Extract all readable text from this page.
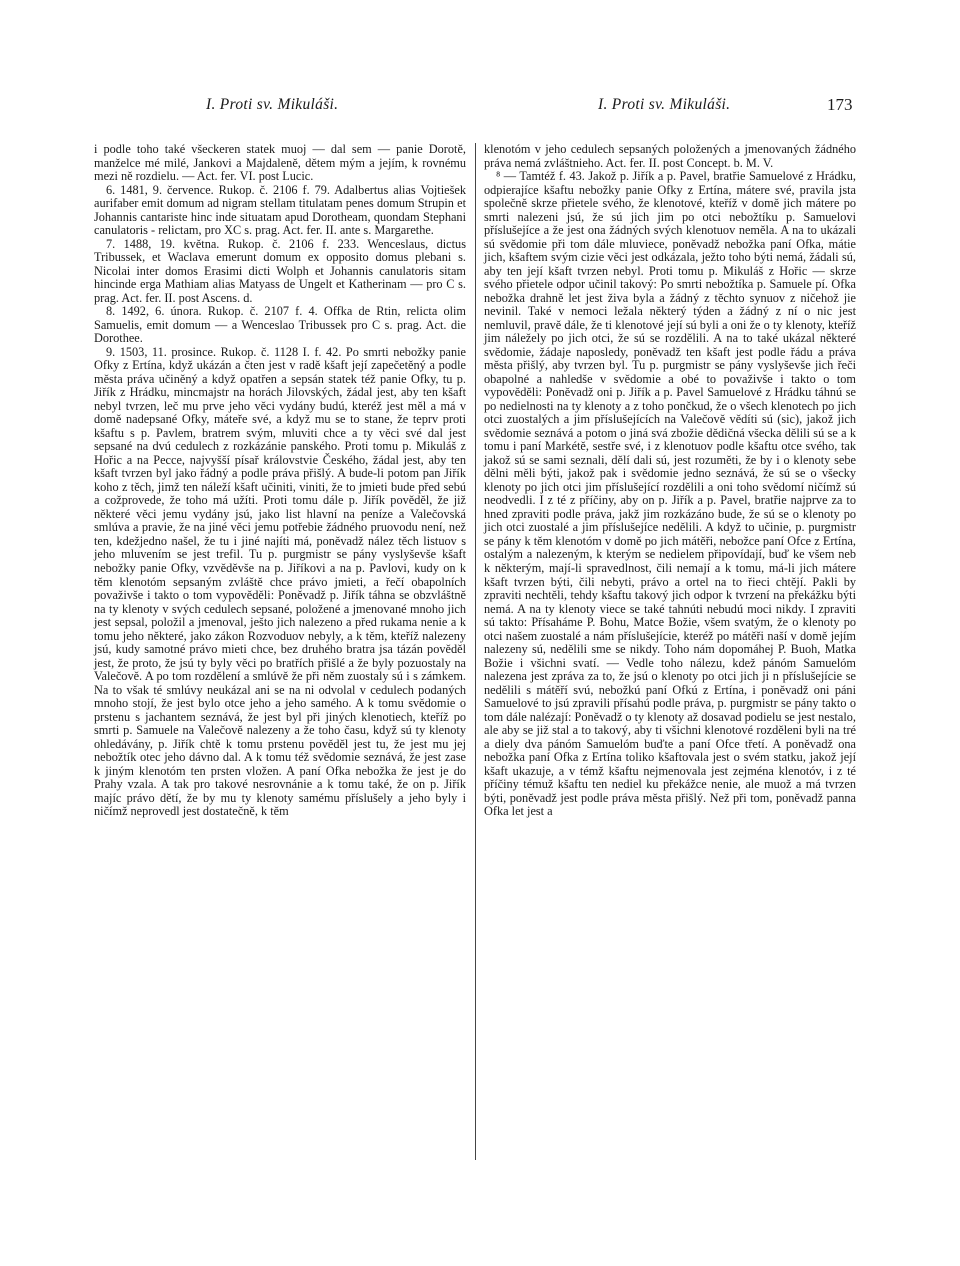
I. Proti sv. Mikuláši.	I. Proti sv. Mikuláši.	173

i podle toho také všeckeren statek muoj — dal sem — panie Dorotě, manželce mé milé, Jankovi a Majdaleně, dětem mým a jejím, k rovnému mezi ně rozdielu. — Act. fer. VI. post Lucic.

6. 1481, 9. července. Rukop. č. 2106 f. 79. Adalbertus alias Vojtiešek aurifaber emit domum ad nigram stellam titulatam penes domum Strupin et Johannis cantariste hinc inde situatam apud Dorotheam, quondam Stephani canulatoris - relictam, pro XC s. prag. Act. fer. II. ante s. Margarethe.

7. 1488, 19. května. Rukop. č. 2106 f. 233. Wenceslaus, dictus Tribussek, et Waclava emerunt domum ex opposito domus plebani s. Nicolai inter domos Erasimi dicti Wolph et Johannis canulatoris sitam hincinde erga Mathiam alias Matyass de Ungelt et Katherinam — pro C s. prag. Act. fer. II. post Ascens. d.

8. 1492, 6. února. Rukop. č. 2107 f. 4. Offka de Rtin, relicta olim Samuelis, emit domum — a Wenceslao Tribussek pro C s. prag. Act. die Dorothee.

9. 1503, 11. prosince. Rukop. č. 1128 I. f. 42. Po smrti nebožky panie Ofky z Ertína, když ukázán a čten jest v radě kšaft její zapečetěný a podle města práva učiněný a když opatřen a sepsán statek též panie Ofky, tu p. Jiřík z Hrádku, mincmajstr na horách Jilovských, žádal jest, aby ten kšaft nebyl tvrzen, leč mu prve jeho věci vydány budú, kteréž jest měl a má v domě nadepsané Ofky, máteře své, a když mu se to stane, že teprv proti kšaftu s p. Pavlem, bratrem svým, mluviti chce a ty věci své dal jest sepsané na dvú cedulech z rozkázánie panského. Proti tomu p. Mikuláš z Hořic a na Pecce, najvyšší písař královstvie Českého, žádal jest, aby ten kšaft tvrzen byl jako řádný a podle práva přišlý. A bude-li potom pan Jiřík koho z těch, jimž ten náleží kšaft učiniti, viniti, že to jmieti bude před sebú a cožprovede, že toho má užíti. Proti tomu dále p. Jiřík pověděl, že již některé věci jemu vydány jsú, jako list hlavní na peníze a Valečovská smlúva a pravie, že na jiné věci jemu potřebie žádného pruovodu není, než ten, kdežjedno našel, že tu i jiné najíti má, poněvadž nález těch listuov s jeho mluvením se jest trefil. Tu p. purgmistr se pány vyslyševše kšaft nebožky panie Ofky, vzvěděvše na p. Jiříkovi a na p. Pavlovi, kudy on k těm klenotóm sepsaným zvláště chce právo jmieti, a řečí obapolních považivše i takto o tom vypověděli: Poněvadž p. Jiřík táhna se obzvláštně na ty klenoty v svých cedulech sepsané, položené a jmenované mnoho jich jest sepsal, položil a jmenoval, ješto jich nalezeno a před rukama nenie a k tomu jeho některé, jako zákon Rozvoduov nebyly, a k těm, kteříž nalezeny jsú, kudy samotné právo mieti chce, bez druhého bratra jsa tázán pověděl jest, že proto, že jsú ty byly věci po bratřích přišlé a že byly pozuostaly na Valečově. A po tom rozdělení a smlúvě že při něm zuostaly sú i s zámkem. Na to však té smlúvy neukázal ani se na ni odvolal v cedulech podaných mnoho stojí, že jest bylo otce jeho a jeho samého. A k tomu svědomie o prstenu s jachantem seznává, že jest byl při jiných klenotiech, kteříž po smrti p. Samuele na Valečově nalezeny a že toho času, když sú ty klenoty ohledávány, p. Jiřík chtě k tomu prstenu pověděl jest tu, že jest mu jej nebožtík otec jeho dávno dal. A k tomu též svědomie seznává, že jest zase k jiným klenotóm ten prsten vložen. A paní Ofka nebožka že jest je do Prahy vzala. A tak pro takové nesrovnánie a k tomu také, že on p. Jiřík majíc právo dětí, že by mu ty klenoty samému příslušely a jeho byly i ničímž neprovedl jest dostatečně, k těm

klenotóm v jeho cedulech sepsaných položených a jmenovaných žádného práva nemá zvláštnieho. Act. fer. II. post Concept. b. M. V.

⁸ — Tamtéž f. 43. Jakož p. Jiřík a p. Pavel, bratřie Samuelové z Hrádku, odpierajíce kšaftu nebožky panie Ofky z Ertína, mátere své, pravila jsta společně skrze přietele svého, že klenotové, kteříž v domě jich mátere po smrti nalezeni jsú, že sú jich jim po otci nebožtíku p. Samuelovi příslušejíce a že jest ona žádných svých klenotuov neměla. A na to ukázali sú svědomie při tom dále mluviece, poněvadž nebožka paní Ofka, mátie jich, kšaftem svým cizie věci jest odkázala, ježto toho býti nemá, žádali sú, aby ten její kšaft tvrzen nebyl. Proti tomu p. Mikuláš z Hořic — skrze svého přietele odpor učinil takový: Po smrti nebožtíka p. Samuele pí. Ofka nebožka drahně let jest živa byla a žádný z těchto synuov z ničehož jie nevinil. Také v nemoci ležala některý týden a žádný z ní o nic jest nemluvil, pravě dále, že ti klenotové její sú byli a oni že o ty klenoty, kteříž jim náležely po jich otci, že sú se rozdělili. A na to také ukázal některé svědomie, žádaje naposledy, poněvadž ten kšaft jest podle řádu a práva města přišlý, aby tvrzen byl. Tu p. purgmistr se pány vyslyševše jich řeči obapolné a nahledše v svědomie a obé to považivše i takto o tom vypověděli: Poněvadž oni p. Jiřík a p. Pavel Samuelové z Hrádku táhnú se po nedielnosti na ty klenoty a z toho pončkud, že o všech klenotech po jich otci zuostalých a jim příslušejících na Valečově vědíti sú (sic), jakož jich svědomie seznává a potom o jiná svá zbožie dědičná všecka dělili sú se a k tomu i paní Markétě, sestře své, i z klenotuov podle kšaftu otce svého, tak jakož sú se sami seznali, dělí dali sú, jest rozuměti, že by i o klenoty sebe dělni měli býti, jakož pak i svědomie jedno seznává, že sú se o všecky klenoty po jich otci jim příslušející rozdělili a oni toho svědomí ničímž sú neodvedli. I z té z příčiny, aby on p. Jiřík a p. Pavel, bratřie najprve za to hned zpraviti podle práva, jakž jim rozkázáno bude, že sú se o klenoty po jich otci zuostalé a jim příslušejíce nedělili. A když to učinie, p. purgmistr se pány k těm klenotóm v domě po jich mátěři, nebožce paní Ofce z Ertína, ostalým a nalezeným, k kterým se nedielem připovídají, buď ke všem neb k některým, mají-li spravedlnost, čili nemají a k tomu, má-li jich mátere kšaft tvrzen býti, čili nebyti, právo a ortel na to řieci chtějí. Pakli by zpraviti nechtěli, tehdy kšaftu takový jich odpor k tvrzení na překážku býti nemá. A na ty klenoty viece se také tahnúti nebudú moci nikdy. I zpraviti sú takto: Přísaháme P. Bohu, Matce Božie, všem svatým, že o klenoty po otci našem zuostalé a nám příslušejície, kteréž po mátěři naší v domě jejím nalezeny sú, nedělili sme se nikdy. Toho nám dopomáhej P. Buoh, Matka Božie i všichni svatí. — Vedle toho nálezu, kdež pánóm Samuelóm nalezena jest zpráva za to, že jsú o klenoty po otci jich ji n příslušejície se nedělili s mátěří svú, nebožkú paní Ofkú z Ertína, i poněvadž oni páni Samuelové to jsú zpravili přísahú podle práva, p. purgmistr se pány takto o tom dále nalézají: Poněvadž o ty klenoty až dosavad podielu se jest nestalo, ale aby se již stal a to takový, aby ti všichni klenotové rozděleni byli na tré a diely dva pánóm Samuelóm buďte a paní Ofce třetí. A poněvadž ona nebožka paní Ofka z Ertína toliko kšaftovala jest o svém statku, jakož její kšaft ukazuje, a v témž kšaftu nejmenovala jest zejména klenotóv, i z té příčiny témuž kšaftu ten nediel ku překážce nenie, ale muož a má tvrzen býti, poněvadž jest podle práva města přišlý. Než při tom, poněvadž panna Ofka let jest a
